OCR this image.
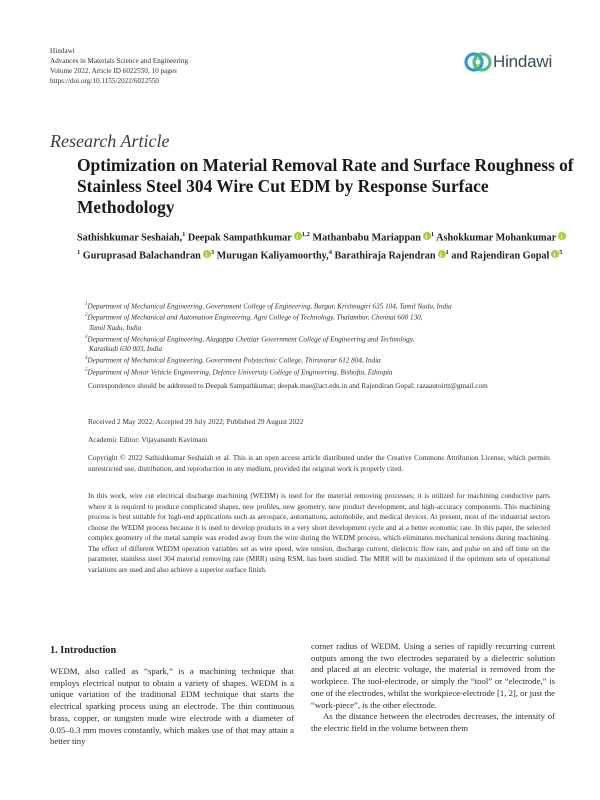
Hindawi
Advances in Materials Science and Engineering
Volume 2022, Article ID 6022550, 10 pages
https://doi.org/10.1155/2022/6022550
Hindawi
Research Article
Optimization on Material Removal Rate and Surface Roughness of Stainless Steel 304 Wire Cut EDM by Response Surface Methodology
Sathishkumar Seshaiah,$^1$ Deepak Sampathkumar i $^{1,2}$ Mathanbabu Mariappan i $^1$ Ashokkumar Mohankumari$^1$ Guruprasad Balachandran i $^3$ Murugan Kaliyamoorthy,$^4$ Barathiraja Rajendran i $^1$ and Rajendiran Gopal i $^5$
$^1$Department of Mechanical Engineering, Government College of Engineering, Bargur, Krishnagiri 635 104, Tamil Nadu, India
$^2$Department of Mechanical and Automation Engineering, Agni College of Technology, Thalambur, Chennai 600 130,
Tamil Nadu, India
$^3$Department of Mechanical Engineering, Alagappa Chettiar Government College of Engineering and Technology,
Karaikudi 630 003, India
$^4$Department of Mechanical Engineering, Government Polytechnic College, Thiruvarur 612 804, India
$^5$Department of Motor Vehicle Engineering, Defence University College of Engineering, Bishoftu, Ethiopia
Correspondence should be addressed to Deepak Sampathkumar; deepak.mae@act.edu.in and Rajendiran Gopal; razaautoirtt@gmail.com
Received 2 May 2022; Accepted 29 July 2022; Published 29 August 2022
Academic Editor: Vijayananth Kavimani
Copyright © 2022 Sathishkumar Seshaiah et al. This is an open access article distributed under the Creative Commons Attribution License, which permits unrestricted use, distribution, and reproduction in any medium, provided the original work is properly cited.
In this work, wire cut electrical discharge machining (WEDM) is used for the material removing processes; it is utilized for machining conductive parts where it is required to produce complicated shapes, new profiles, new geometry, new product development, and high-accuracy components. This machining process is best suitable for high-end applications such as aerospace, automations, automobile, and medical devices. At present, most of the industrial sectors choose the WEDM process because it is used to develop products in a very short development cycle and at a better economic rate. In this paper, the selected complex geometry of the metal sample was eroded away from the wire during the WEDM process, which eliminates mechanical tensions during machining. The effect of different WEDM operation variables set as wire speed, wire tension, discharge current, dielectric flow rate, and pulse on and off time on the parameter, stainless steel 304 material removing rate (MRR) using RSM, has been studied. The MRR will be maximized if the optimum sets of operational variations are used and also achieve a superior surface finish.
1. Introduction
WEDM, also called as “spark,” is a machining technique that employs electrical output to obtain a variety of shapes. WEDM is a unique variation of the traditional EDM technique that starts the electrical sparking process using an electrode. The thin continuous brass, copper, or tungsten made wire electrode with a diameter of 0.05–0.3 mm moves constantly, which makes use of that may attain a better tiny
corner radius of WEDM. Using a series of rapidly recurring current outputs among the two electrodes separated by a dielectric solution and placed at an electric voltage, the material is removed from the workpiece. The tool-electrode, or simply the “tool” or “electrode,” is one of the electrodes, whilst the workpiece-electrode [1, 2], or just the “work-piece”, is the other electrode.
As the distance between the electrodes decreases, the intensity of the electric field in the volume between them
